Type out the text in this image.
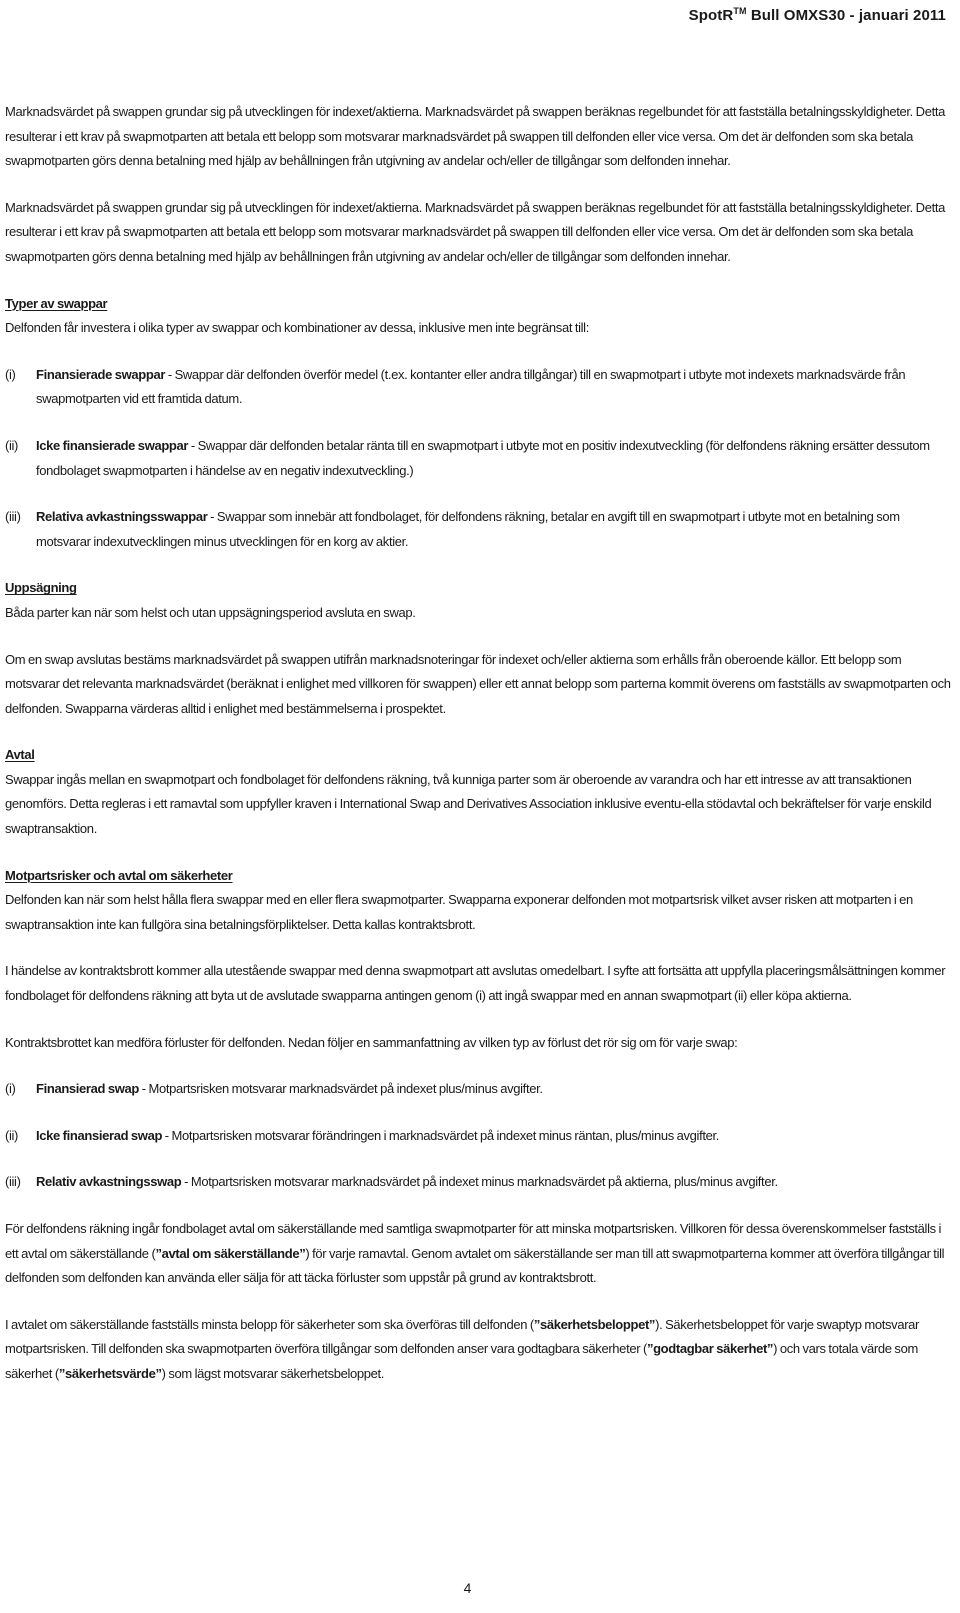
SpotR™ Bull OMXS30 - januari 2011

Marknadsvärdet på swappen grundar sig på utvecklingen för indexet/aktierna. Marknadsvärdet på swappen beräknas regelbundet för att fastställa betalningsskyldigheter. Detta resulterar i ett krav på swapmotparten att betala ett belopp som motsvarar marknadsvärdet på swappen till delfonden eller vice versa. Om det är delfonden som ska betala swapmotparten görs denna betalning med hjälp av behållningen från utgivning av andelar och/eller de tillgångar som delfonden innehar.

Marknadsvärdet på swappen grundar sig på utvecklingen för indexet/aktierna. Marknadsvärdet på swappen beräknas regelbundet för att fastställa betalningsskyldigheter. Detta resulterar i ett krav på swapmotparten att betala ett belopp som motsvarar marknadsvärdet på swappen till delfonden eller vice versa. Om det är delfonden som ska betala swapmotparten görs denna betalning med hjälp av behållningen från utgivning av andelar och/eller de tillgångar som delfonden innehar.

Typer av swappar

Delfonden får investera i olika typer av swappar och kombinationer av dessa, inklusive men inte begränsat till:

(i)	Finansierade swappar - Swappar där delfonden överför medel (t.ex. kontanter eller andra tillgångar) till en swapmotpart i utbyte mot indexets marknadsvärde från swapmotparten vid ett framtida datum.
(ii)	Icke finansierade swappar - Swappar där delfonden betalar ränta till en swapmotpart i utbyte mot en positiv indexutveckling (för delfondens räkning ersätter dessutom fondbolaget swapmotparten i händelse av en negativ indexutveckling.)
(iii)	Relativa avkastningsswappar - Swappar som innebär att fondbolaget, för delfondens räkning, betalar en avgift till en swapmotpart i utbyte mot en betalning som motsvarar indexutvecklingen minus utvecklingen för en korg av aktier.

Uppsägning

Båda parter kan när som helst och utan uppsägningsperiod avsluta en swap.

Om en swap avslutas bestäms marknadsvärdet på swappen utifrån marknadsnoteringar för indexet och/eller aktierna som erhålls från oberoende källor. Ett belopp som motsvarar det relevanta marknadsvärdet (beräknat i enlighet med villkoren för swappen) eller ett annat belopp som parterna kommit överens om fastställs av swapmotparten och delfonden. Swapparna värderas alltid i enlighet med bestämmelserna i prospektet.

Avtal

Swappar ingås mellan en swapmotpart och fondbolaget för delfondens räkning, två kunniga parter som är oberoende av varandra och har ett intresse av att transaktionen genomförs. Detta regleras i ett ramavtal som uppfyller kraven i International Swap and Derivatives Association inklusive eventu-ella stödavtal och bekräftelser för varje enskild swaptransaktion.

Motpartsrisker och avtal om säkerheter

Delfonden kan när som helst hålla flera swappar med en eller flera swapmotparter. Swapparna exponerar delfonden mot motpartsrisk vilket avser risken att motparten i en swaptransaktion inte kan fullgöra sina betalningsförpliktelser. Detta kallas kontraktsbrott.

I händelse av kontraktsbrott kommer alla utestående swappar med denna swapmotpart att avslutas omedelbart. I syfte att fortsätta att uppfylla placeringsmålsättningen kommer fondbolaget för delfondens räkning att byta ut de avslutade swapparna antingen genom (i) att ingå swappar med en annan swapmotpart (ii) eller köpa aktierna.

Kontraktsbrottet kan medföra förluster för delfonden. Nedan följer en sammanfattning av vilken typ av förlust det rör sig om för varje swap:

(i)	Finansierad swap - Motpartsrisken motsvarar marknadsvärdet på indexet plus/minus avgifter.
(ii)	Icke finansierad swap - Motpartsrisken motsvarar förändringen i marknadsvärdet på indexet minus räntan, plus/minus avgifter.
(iii)	Relativ avkastningsswap - Motpartsrisken motsvarar marknadsvärdet på indexet minus marknadsvärdet på aktierna, plus/minus avgifter.

För delfondens räkning ingår fondbolaget avtal om säkerställande med samtliga swapmotparter för att minska motpartsrisken. Villkoren för dessa överenskommelser fastställs i ett avtal om säkerställande (”avtal om säkerställande”) för varje ramavtal. Genom avtalet om säkerställande ser man till att swapmotparterna kommer att överföra tillgångar till delfonden som delfonden kan använda eller sälja för att täcka förluster som uppstår på grund av kontraktsbrott.

I avtalet om säkerställande fastställs minsta belopp för säkerheter som ska överföras till delfonden (”säkerhetsbeloppet”). Säkerhetsbeloppet för varje swaptyp motsvarar motpartsrisken. Till delfonden ska swapmotparten överföra tillgångar som delfonden anser vara godtagbara säkerheter (”godtagbar säkerhet”) och vars totala värde som säkerhet (”säkerhetsvärde”) som lägst motsvarar säkerhetsbeloppet.

4
